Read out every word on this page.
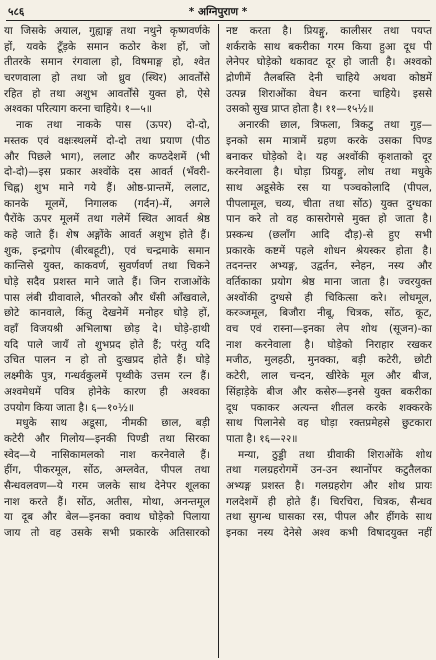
५८६	* अग्निपुराण *
या जिसके अयाल, गुह्याङ्ग तथा नथुने कृष्णवर्णके
हों, यवके टूँड़के समान कठोर केश हों, जो
तीतरके समान रंगवाला हो, विषमाङ्ग हो, श्वेत
चरणवाला हो तथा जो ध्रुव (स्थिर) आवर्तोंसे
रहित हो तथा अशुभ आवर्तोंसे युक्त हो, ऐसे
अश्वका परित्याग करना चाहिये। १—५॥
नाक तथा नाकके पास (ऊपर) दो-दो,
मस्तक एवं वक्षःस्थलमें दो-दो तथा प्रयाण (पीठ
और पिछले भाग), ललाट और कण्ठदेशमें (भी
दो-दो)—इस प्रकार अश्वोंके दस आवर्त (भँवरी-
चिह्न) शुभ माने गये हैं। ओष्ठ-प्रान्तमें, ललाट,
कानके मूलमें, निगालक (गर्दन)-में, अगले
पैरोंके ऊपर मूलमें तथा गलेमें स्थित आवर्त श्रेष्ठ
कहे जाते हैं। शेष अङ्गोंके आवर्त अशुभ होते हैं।
शुक, इन्द्रगोप (बीरबहूटी), एवं चन्द्रमाके समान
कान्तिसे युक्त, काकवर्ण, सुवर्णवर्ण तथा चिकने
घोड़े सदैव प्रशस्त माने जाते हैं। जिन राजाओंके
पास लंबी ग्रीवावाले, भीतरको और धँसी आँखवाले,
छोटे कानवाले, किंतु देखनेमें मनोहर घोड़े हों,
वहाँ विजयश्री अभिलाषा छोड़ दे। घोड़े-हाथी
यदि पाले जायँ तो शुभप्रद होते हैं; परंतु यदि
उचित पालन न हो तो दुःखप्रद होते हैं। घोड़े
लक्ष्मीके पुत्र, गन्धर्वकुलमें पृथ्वीके उत्तम रत्न हैं।
अश्वमेधमें पवित्र होनेके कारण ही अश्वका
उपयोग किया जाता है। ६—१०½॥
मधुके साथ अडूसा, नीमकी छाल, बड़ी
कटेरी और गिलोय—इनकी पिण्डी तथा सिरका
स्वेद—ये नासिकामलको नाश करनेवाले हैं।
हींग, पीकरमूल, सोंठ, अम्लवेत, पीपल तथा
सैन्धवलवण—ये गरम जलके साथ देनेपर शूलका
नाश करते हैं। सोंठ, अतीस, मोथा, अनन्तमूल
या दूब और बेल—इनका क्वाथ घोड़ेको पिलाया
जाय तो वह उसके सभी प्रकारके अतिसारको
नष्ट करता है। प्रियङ्गु, कालीसर तथा पयप्त
शर्कराके साथ बकरीका गरम किया हुआ दूध पी
लेनेपर घोड़ेको थकावट दूर हो जाती है। अश्वको
द्रोणीमें तैलबस्ति देनी चाहिये अथवा कोष्ठमें
उत्पन्न शिराओंका वेधन करना चाहिये। इससे
उसको सुख प्राप्त होता है। ११—१५½॥
अनारकी छाल, त्रिफला, त्रिकटु तथा गुड़—
इनको सम मात्रामें ग्रहण करके उसका पिण्ड
बनाकर घोड़ेको दे। यह अश्वोंकी कृशताको दूर
करनेवाला है। घोड़ा प्रियङ्गु, लोध तथा मधुके
साथ अडूसेके रस या पञ्चकोलादि (पीपल,
पीपलामूल, चव्य, चीता तथा सोंठ) युक्त दुग्धका
पान करे तो वह कासरोगसे मुक्त हो जाता है।
प्रस्कन्ध (छलाँग आदि दौड़)-से हुए सभी
प्रकारके कष्टमें पहले शोधन श्रेयस्कर होता है।
तदनन्तर अभ्यङ्ग, उद्वर्तन, स्नेहन, नस्य और
वर्तिकाका प्रयोग श्रेष्ठ माना जाता है। ज्वरयुक्त
अश्वोंकी दुग्धसे ही चिकित्सा करे। लोधमूल,
करञ्जमूल, बिजौरा नीबू, चित्रक, सोंठ, कूट,
वच एवं रास्ना—इनका लेप शोथ (सूजन)-का
नाश करनेवाला है। घोड़ेको निराहार रखकर
मजीठ, मुलहठी, मुनक्का, बड़ी कटेरी, छोटी
कटेरी, लाल चन्दन, खीरेके मूल और बीज,
सिंहाड़ेके बीज और कसेरु—इनसे युक्त बकरीका
दूध पकाकर अत्यन्त शीतल करके शक्करके
साथ पिलानेसे वह घोड़ा रक्तप्रमेहसे छुटकारा
पाता है। १६—२२॥
मन्या, ठुड्डी तथा ग्रीवाकी शिराओंके शोथ
तथा गलग्रहरोगमें उन-उन स्थानोंपर कटुतैलका
अभ्यङ्ग प्रशस्त है। गलग्रहरोग और शोथ प्रायः
गलदेशमें ही होते हैं। चिरचिरा, चित्रक, सैन्धव
तथा सुगन्ध घासका रस, पीपल और हींगके साथ
इनका नस्य देनेसे अश्व कभी विषादयुक्त नहीं
